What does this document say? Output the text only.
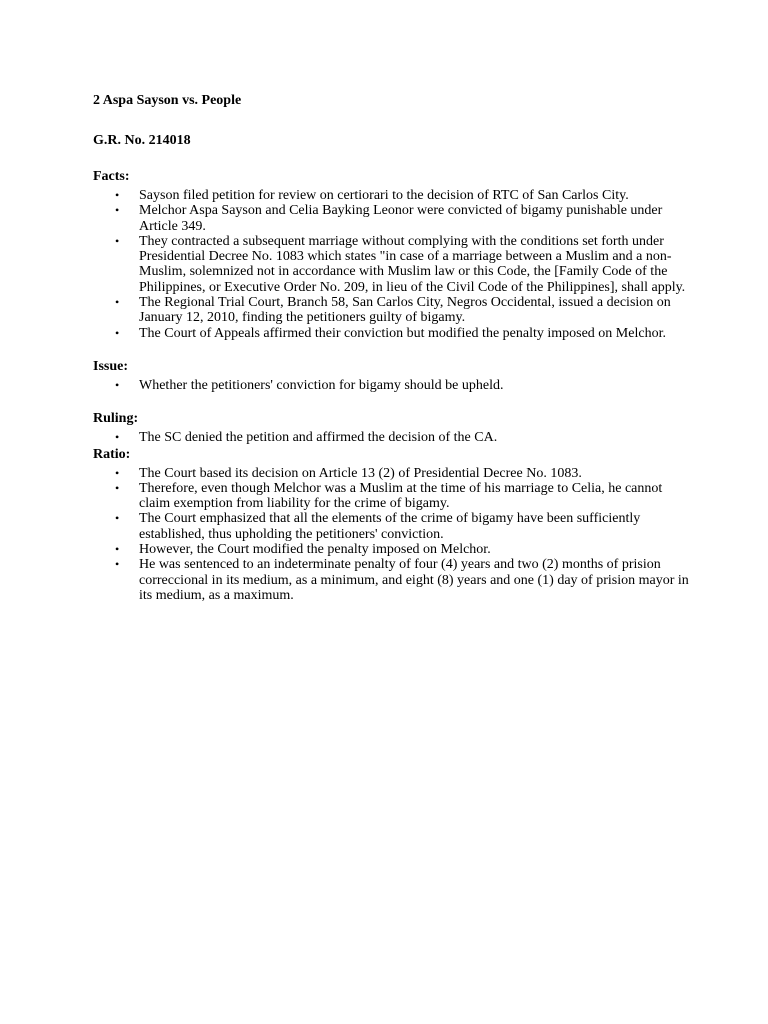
2 Aspa Sayson vs. People

G.R. No. 214018

Facts:

• Sayson filed petition for review on certiorari to the decision of RTC of San Carlos City.
• Melchor Aspa Sayson and Celia Bayking Leonor were convicted of bigamy punishable under Article 349.
• They contracted a subsequent marriage without complying with the conditions set forth under Presidential Decree No. 1083 which states "in case of a marriage between a Muslim and a non-Muslim, solemnized not in accordance with Muslim law or this Code, the [Family Code of the Philippines, or Executive Order No. 209, in lieu of the Civil Code of the Philippines], shall apply.
• The Regional Trial Court, Branch 58, San Carlos City, Negros Occidental, issued a decision on January 12, 2010, finding the petitioners guilty of bigamy.
• The Court of Appeals affirmed their conviction but modified the penalty imposed on Melchor.

Issue:

• Whether the petitioners' conviction for bigamy should be upheld.

Ruling:

• The SC denied the petition and affirmed the decision of the CA.

Ratio:

• The Court based its decision on Article 13 (2) of Presidential Decree No. 1083.
• Therefore, even though Melchor was a Muslim at the time of his marriage to Celia, he cannot claim exemption from liability for the crime of bigamy.
• The Court emphasized that all the elements of the crime of bigamy have been sufficiently established, thus upholding the petitioners' conviction.
• However, the Court modified the penalty imposed on Melchor.
• He was sentenced to an indeterminate penalty of four (4) years and two (2) months of prision correccional in its medium, as a minimum, and eight (8) years and one (1) day of prision mayor in its medium, as a maximum.
